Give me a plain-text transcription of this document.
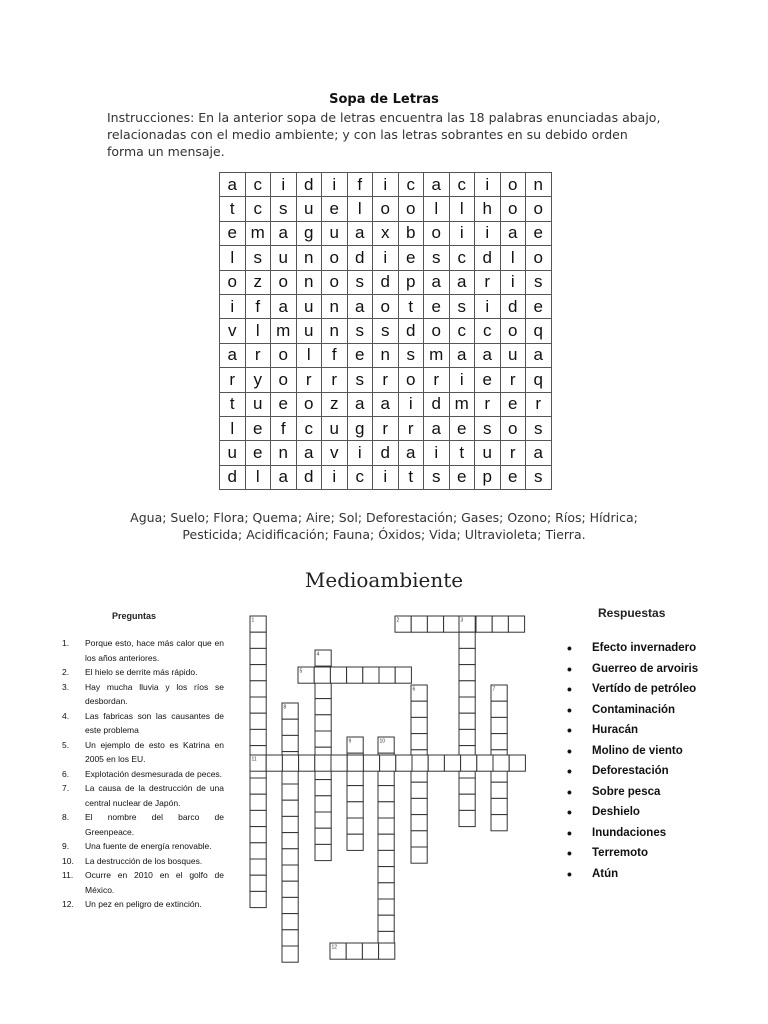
Sopa de Letras

Instrucciones: En la anterior sopa de letras encuentra las 18 palabras enunciadas abajo, relacionadas con el medio ambiente; y con las letras sobrantes en su debido orden forma un mensaje.

a	c	i	d	i	f	i	c	a	c	i	o	n
t	c	s	u	e	l	o	o	l	l	h	o	o
e	m	a	g	u	a	x	b	o	i	i	a	e
l	s	u	n	o	d	i	e	s	c	d	l	o
o	z	o	n	o	s	d	p	a	a	r	i	s
i	f	a	u	n	a	o	t	e	s	i	d	e
v	l	m	u	n	s	s	d	o	c	c	o	q
a	r	o	l	f	e	n	s	m	a	a	u	a
r	y	o	r	r	s	r	o	r	i	e	r	q
t	u	e	o	z	a	a	i	d	m	r	e	r
l	e	f	c	u	g	r	r	a	e	s	o	s
u	e	n	a	v	i	d	a	i	t	u	r	a
d	l	a	d	i	c	i	t	s	e	p	e	s
Agua; Suelo; Flora; Quema; Aire; Sol; Deforestación; Gases; Ozono; Ríos; Hídrica;
Pesticida; Acidificación; Fauna; Óxidos; Vida; Ultravioleta; Tierra.
Medioambiente
Preguntas
1. Porque esto, hace más calor que en los años anteriores.
2. El hielo se derrite más rápido.
3. Hay mucha lluvia y los ríos se desbordan.
4. Las fabricas son las causantes de este problema
5. Un ejemplo de esto es Katrina en 2005 en los EU.
6. Explotación desmesurada de peces.
7. La causa de la destrucción de una central nuclear de Japón.
8. El nombre del barco de Greenpeace.
9. Una fuente de energía renovable.
10. La destrucción de los bosques.
11. Ocurre en 2010 en el golfo de México.
12. Un pez en peligro de extinción.
Respuestas
• Efecto invernadero
• Guerreo de arvoiris
• Vertído de petróleo
• Contaminación
• Huracán
• Molino de viento
• Deforestación
• Sobre pesca
• Deshielo
• Inundaciones
• Terremoto
• Atún
1	2	3
4
5
6	7
8
9	10
11
12
